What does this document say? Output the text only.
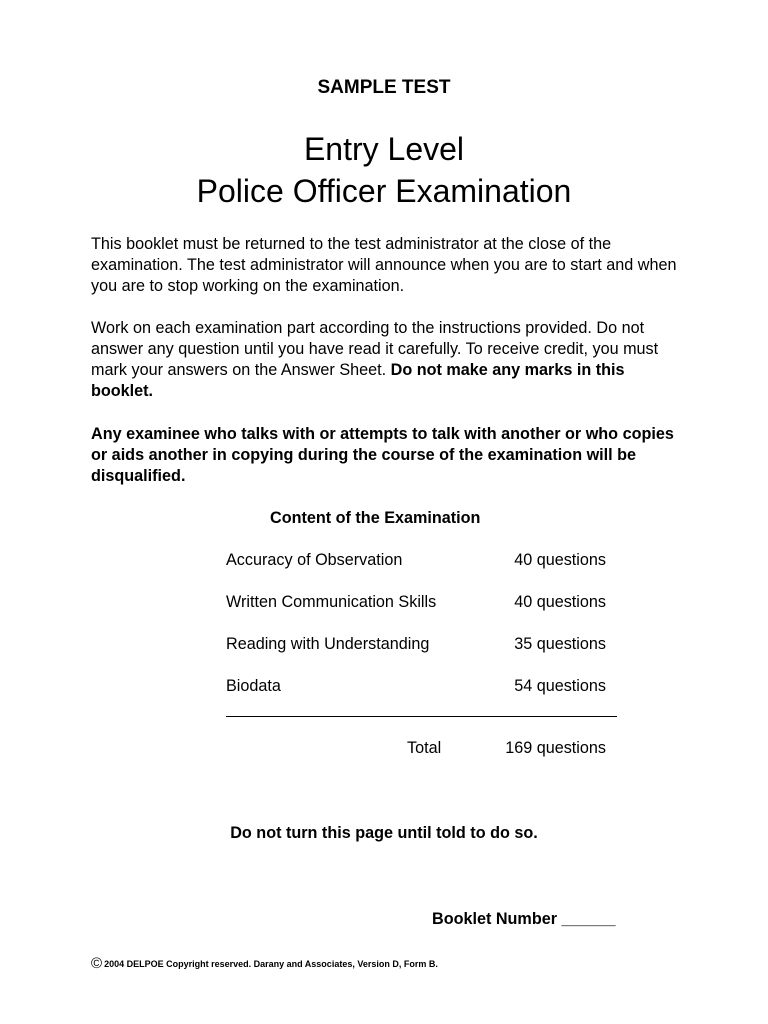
SAMPLE TEST
Entry Level
Police Officer Examination

This booklet must be returned to the test administrator at the close of the examination. The test administrator will announce when you are to start and when you are to stop working on the examination.

Work on each examination part according to the instructions provided. Do not answer any question until you have read it carefully. To receive credit, you must mark your answers on the Answer Sheet. Do not make any marks in this booklet.

Any examinee who talks with or attempts to talk with another or who copies or aids another in copying during the course of the examination will be disqualified.

Content of the Examination
Accuracy of Observation	40 questions
Written Communication Skills	40 questions
Reading with Understanding	35 questions
Biodata	54 questions
Total	169 questions
Do not turn this page until told to do so.
Booklet Number ______
© 2004 DELPOE Copyright reserved. Darany and Associates, Version D, Form B.
